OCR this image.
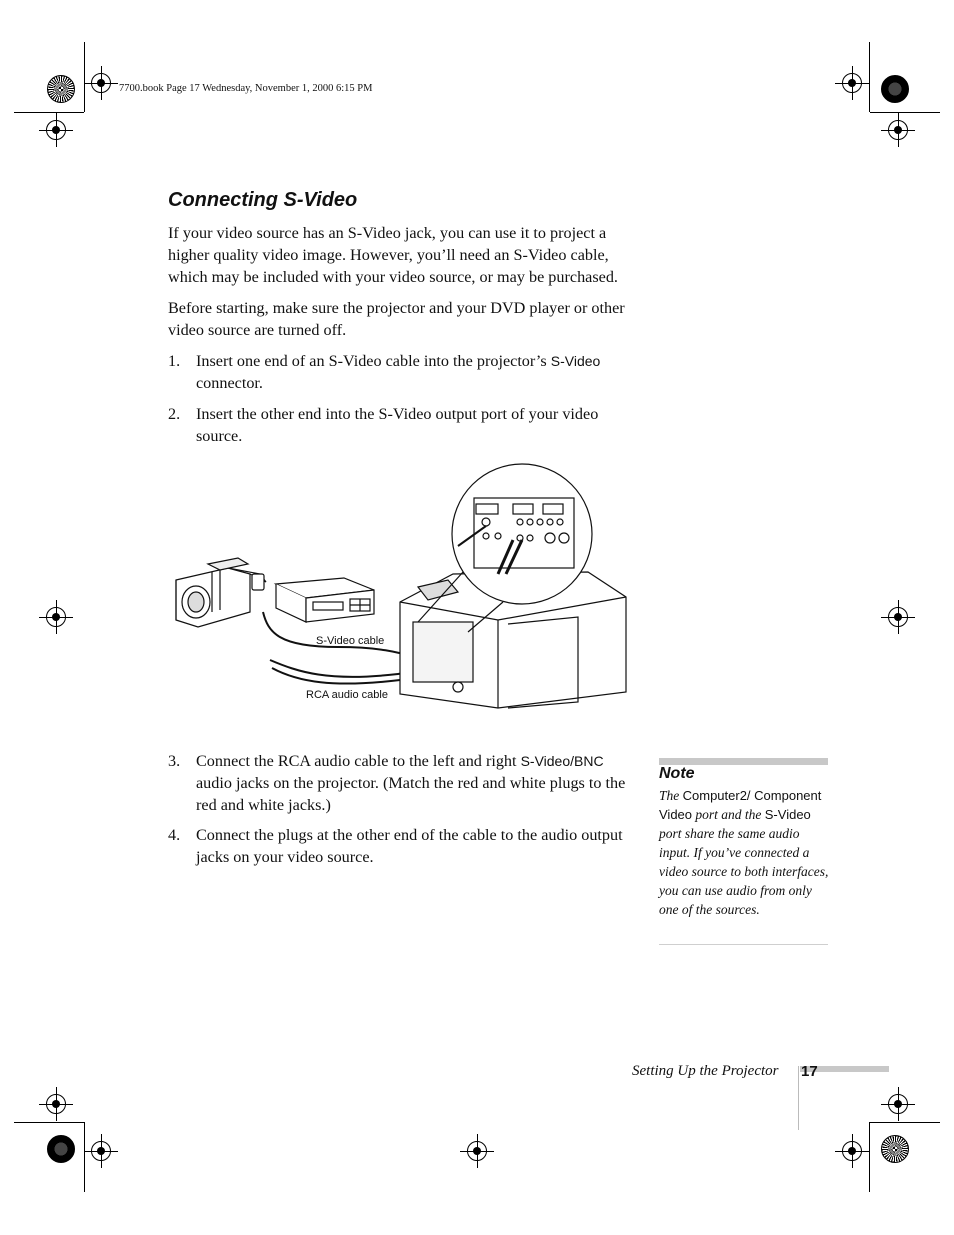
7700.book Page 17 Wednesday, November 1, 2000 6:15 PM
Connecting S-Video
If your video source has an S-Video jack, you can use it to project a higher quality video image. However, you’ll need an S-Video cable, which may be included with your video source, or may be purchased.
Before starting, make sure the projector and your DVD player or other video source are turned off.
1. Insert one end of an S-Video cable into the projector’s S-Video connector.
2. Insert the other end into the S-Video output port of your video source.
S-Video cable
RCA audio cable
3. Connect the RCA audio cable to the left and right S-Video/BNC audio jacks on the projector. (Match the red and white plugs to the red and white jacks.)
4. Connect the plugs at the other end of the cable to the audio output jacks on your video source.
Note
The Computer2/ Component Video port and the S-Video port share the same audio input. If you’ve connected a video source to both interfaces, you can use audio from only one of the sources.
Setting Up the Projector 17
